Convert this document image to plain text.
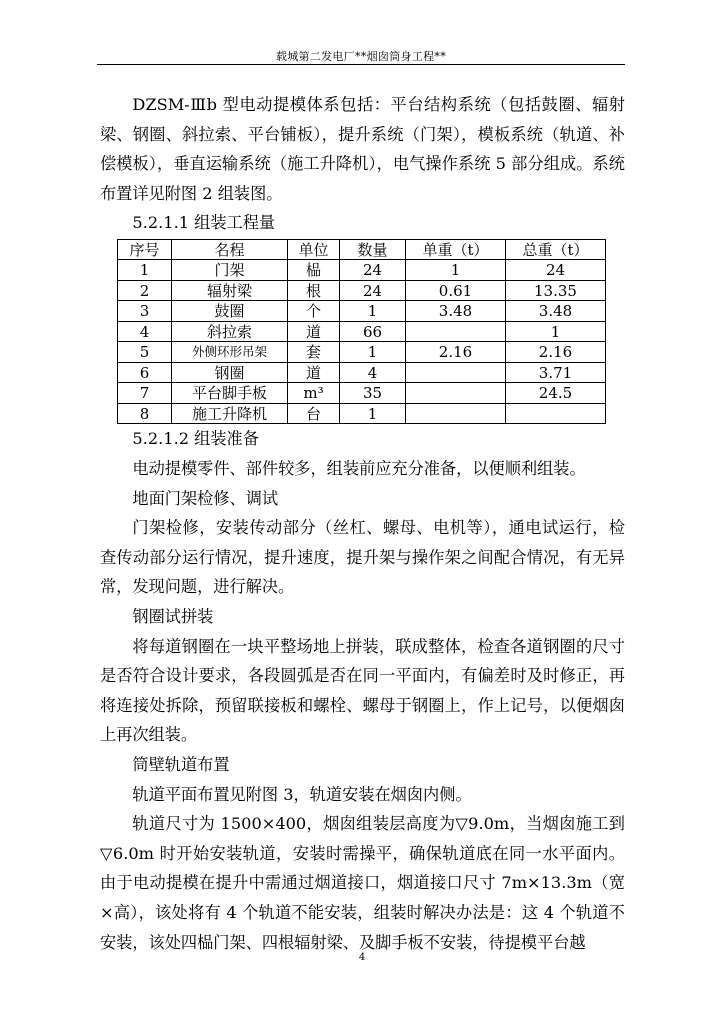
载城第二发电厂**烟囱筒身工程**

DZSM-Ⅲb 型电动提模体系包括：平台结构系统（包括鼓圈、辐射梁、钢圈、斜拉索、平台铺板），提升系统（门架），模板系统（轨道、补偿模板），垂直运输系统（施工升降机），电气操作系统 5 部分组成。系统布置详见附图 2 组装图。

5.2.1.1 组装工程量

序号	名程	单位	数量	单重（t）	总重（t）
1	门架	榀	24	1	24
2	辐射梁	根	24	0.61	13.35
3	鼓圈	个	1	3.48	3.48
4	斜拉索	道	66		1
5	外侧环形吊架	套	1	2.16	2.16
6	钢圈	道	4		3.71
7	平台脚手板	m³	35		24.5
8	施工升降机	台	1		

5.2.1.2 组装准备

电动提模零件、部件较多，组装前应充分准备，以便顺利组装。

地面门架检修、调试

门架检修，安装传动部分（丝杠、螺母、电机等），通电试运行，检查传动部分运行情况，提升速度，提升架与操作架之间配合情况，有无异常，发现问题，进行解决。

钢圈试拼装

将每道钢圈在一块平整场地上拼装，联成整体，检查各道钢圈的尺寸是否符合设计要求，各段圆弧是否在同一平面内，有偏差时及时修正，再将连接处拆除，预留联接板和螺栓、螺母于钢圈上，作上记号，以便烟囱上再次组装。

筒壁轨道布置

轨道平面布置见附图 3，轨道安装在烟囱内侧。

轨道尺寸为 1500×400，烟囱组装层高度为▽9.0m，当烟囱施工到▽6.0m 时开始安装轨道，安装时需操平，确保轨道底在同一水平面内。由于电动提模在提升中需通过烟道接口，烟道接口尺寸 7m×13.3m（宽×高），该处将有 4 个轨道不能安装，组装时解决办法是：这 4 个轨道不安装，该处四榀门架、四根辐射梁、及脚手板不安装，待提模平台越

4
